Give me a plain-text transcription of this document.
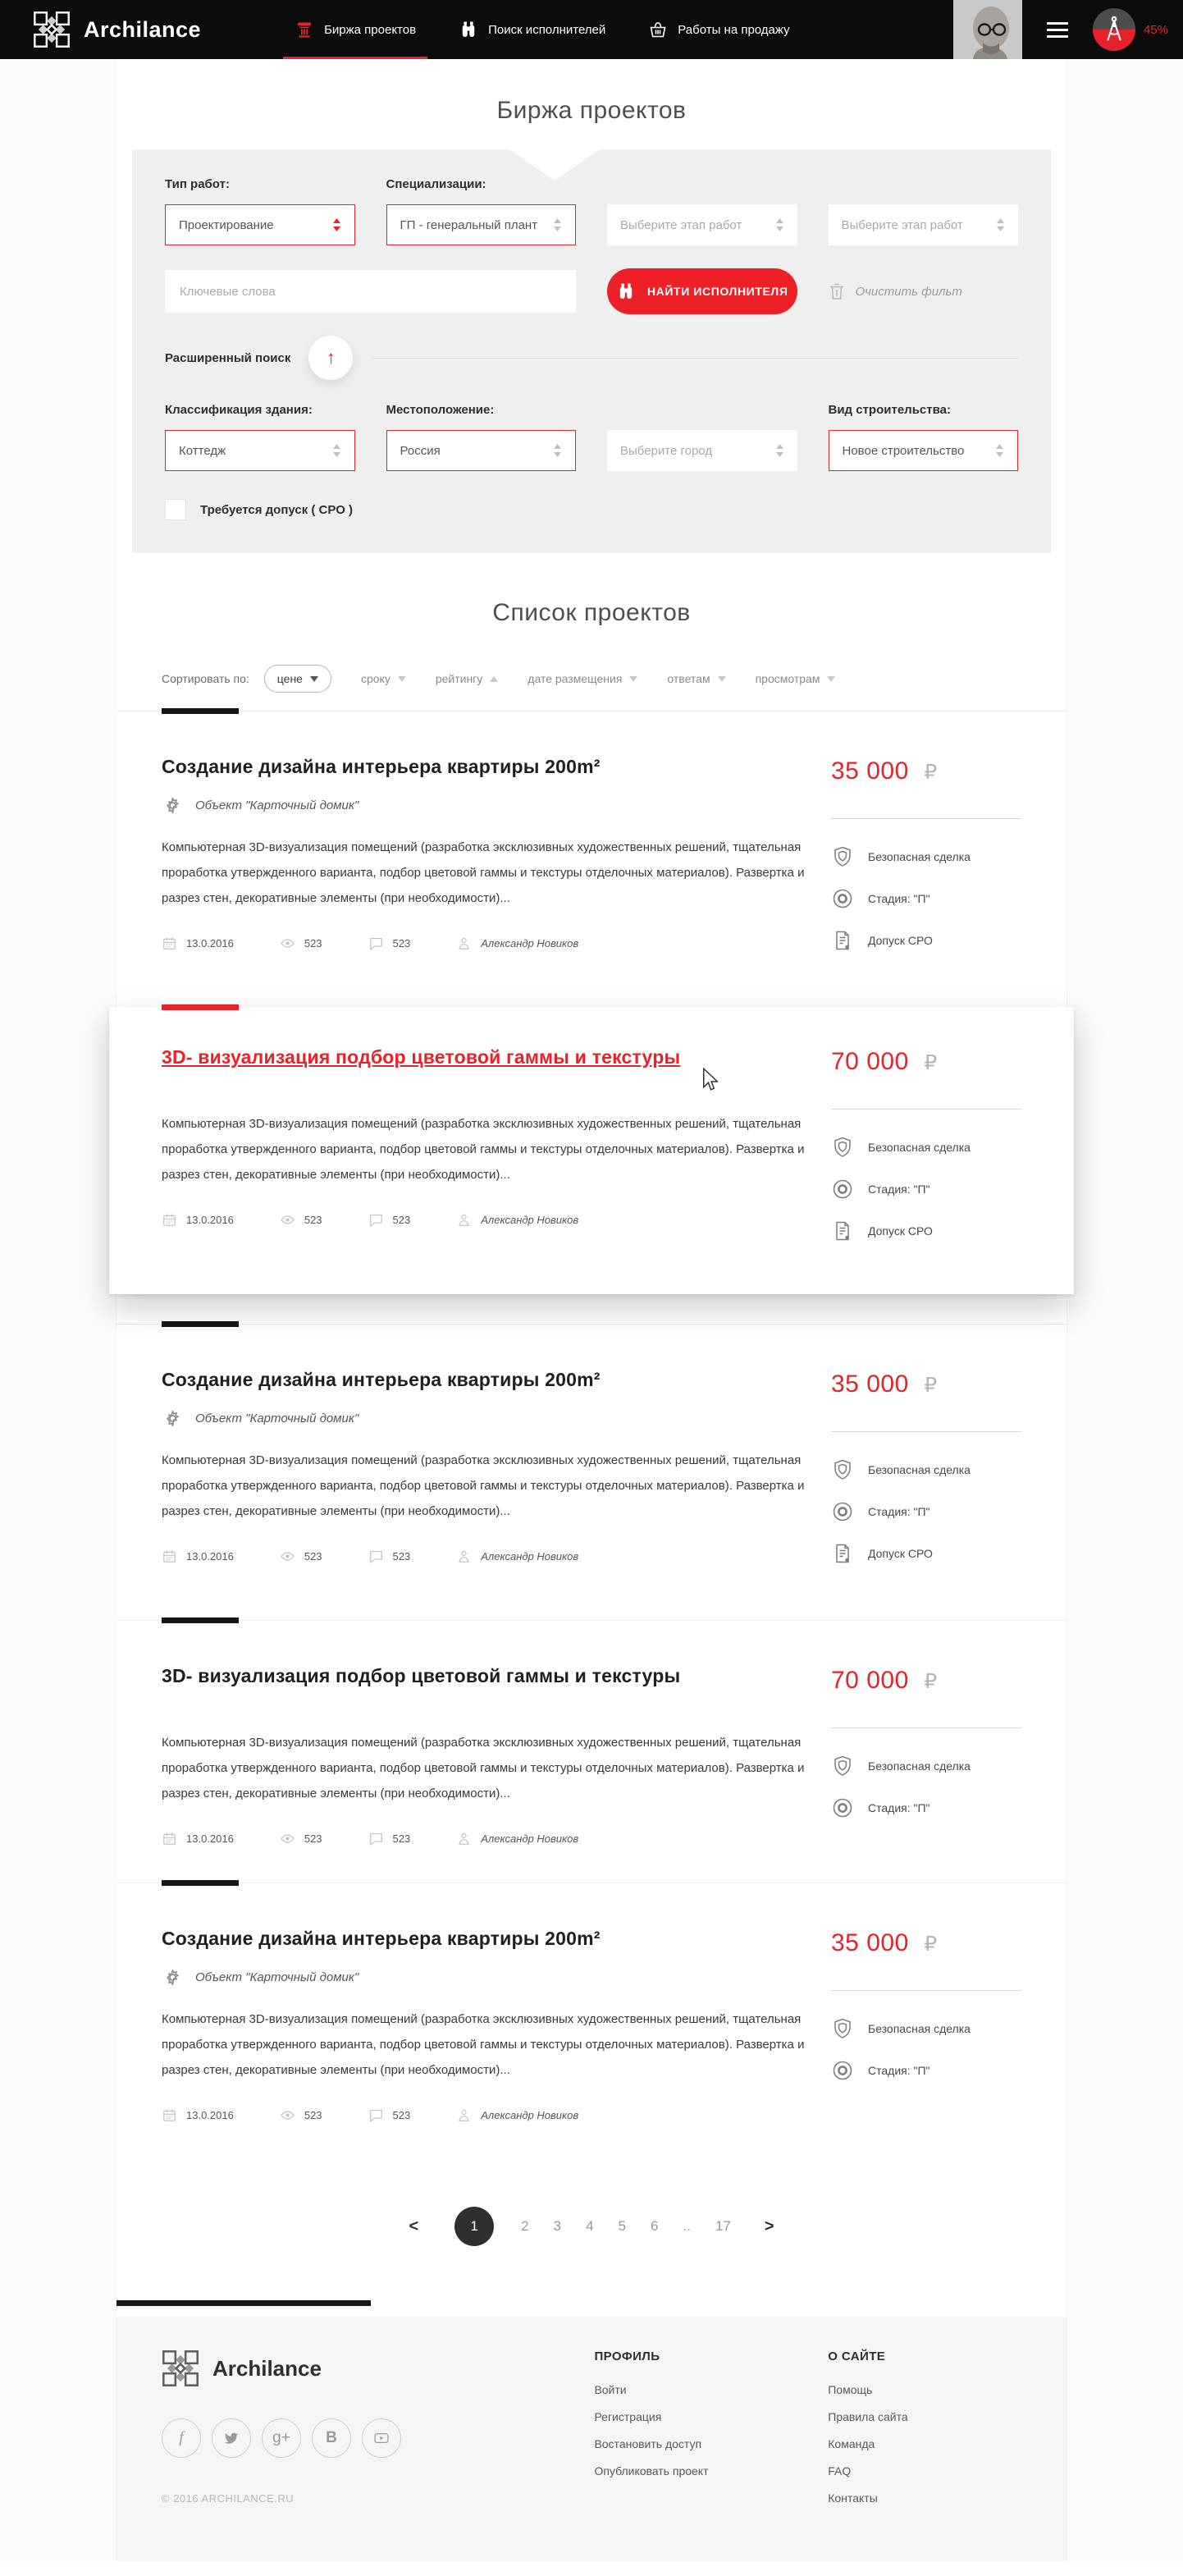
Archilance	Биржа проектов	Поиск исполнителей	Работы на продажу	45%
Биржа проектов
Тип работ:
Проектирование
Специализации:
ГП - генеральный плант	Выберите этап работ	Выберите этап работ
Ключевые слова
НАЙТИ ИСПОЛНИТЕЛЯ	Очистить фильт
Расширенный поиск ↑
Классификация здания:
Коттедж
Местоположение:
Россия	Выберите город
Вид строительства:
Новое строительство
Требуется допуск ( СРО )
Список проектов
Сортировать по: цене	сроку	рейтингу	дате размещения	ответам	просмотрам
Создание дизайна интерьера квартиры 200m²
Объект "Карточный домик"

Компьютерная 3D-визуализация помещений (разработка эксклюзивных художественных решений, тщательная проработка утвержденного варианта, подбор цветовой гаммы и текстуры отделочных материалов). Развертка и разрез стен, декоративные элементы (при необходимости)...

13.0.2016	523	523	Александр Новиков
35 000 ₽
Безопасная сделка
Стадия: "П"
Допуск СРО
3D- визуализация подбор цветовой гаммы и текстуры

Компьютерная 3D-визуализация помещений (разработка эксклюзивных художественных решений, тщательная проработка утвержденного варианта, подбор цветовой гаммы и текстуры отделочных материалов). Развертка и разрез стен, декоративные элементы (при необходимости)...

13.0.2016	523	523	Александр Новиков
70 000 ₽
Безопасная сделка
Стадия: "П"
Допуск СРО
Создание дизайна интерьера квартиры 200m²
Объект "Карточный домик"

Компьютерная 3D-визуализация помещений (разработка эксклюзивных художественных решений, тщательная проработка утвержденного варианта, подбор цветовой гаммы и текстуры отделочных материалов). Развертка и разрез стен, декоративные элементы (при необходимости)...

13.0.2016	523	523	Александр Новиков
35 000 ₽
Безопасная сделка
Стадия: "П"
Допуск СРО
3D- визуализация подбор цветовой гаммы и текстуры

Компьютерная 3D-визуализация помещений (разработка эксклюзивных художественных решений, тщательная проработка утвержденного варианта, подбор цветовой гаммы и текстуры отделочных материалов). Развертка и разрез стен, декоративные элементы (при необходимости)...

13.0.2016	523	523	Александр Новиков
70 000 ₽
Безопасная сделка
Стадия: "П"
Создание дизайна интерьера квартиры 200m²
Объект "Карточный домик"

Компьютерная 3D-визуализация помещений (разработка эксклюзивных художественных решений, тщательная проработка утвержденного варианта, подбор цветовой гаммы и текстуры отделочных материалов). Развертка и разрез стен, декоративные элементы (при необходимости)...

13.0.2016	523	523	Александр Новиков
35 000 ₽
Безопасная сделка
Стадия: "П"
<	1	2 3 4 5 6 .. 17 >
Archilance
f	g+	B
© 2016 ARCHILANCE.RU
ПРОФИЛЬ
Войти
Регистрация
Востановить доступ
Опубликовать проект
О САЙТЕ
Помощь
Правила сайта
Команда
FAQ
Контакты
